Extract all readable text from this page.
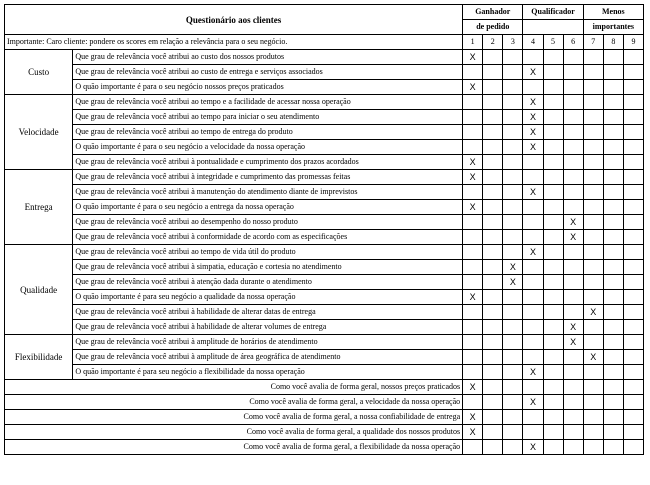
Questionário aos clientes		Ganhador			Qualificador			Menos		
		de pedido						importantes		
Importante: Caro cliente: pondere os scores em relação a relevância para o seu negócio.		1	2	3	4	5	6	7	8	9
Custo	Que grau de relevância você atribui ao custo dos nossos produtos	X								
	Que grau de relevância você atribui ao custo de entrega e serviços associados				X					
	O quão importante é para o seu negócio nossos preços praticados	X								
Velocidade	Que grau de relevância você atribui ao tempo e a facilidade de acessar nossa operação				X					
	Que grau de relevância você atribui ao tempo para iniciar o seu atendimento				X					
	Que grau de relevância você atribui ao tempo de entrega do produto				X					
	O quão importante é para o seu negócio a velocidade da nossa operação				X					
	Que grau de relevância você atribui à pontualidade e cumprimento dos prazos acordados	X								
Entrega	Que grau de relevância você atribui à integridade e cumprimento das promessas feitas	X								
	Que grau de relevância você atribui à manutenção do atendimento diante de imprevistos				X					
	O quão importante é para o seu negócio a entrega da nossa operação	X								
	Que grau de relevância você atribui ao desempenho do nosso produto						X			
	Que grau de relevância você atribui à conformidade de acordo com as especificações						X			
Qualidade	Que grau de relevância você atribui ao tempo de vida útil do produto				X					
	Que grau de relevância você atribui à simpatia, educação e cortesia no atendimento			X						
	Que grau de relevância você atribui à atenção dada durante o atendimento			X						
	O quão importante é para seu negócio a qualidade da nossa operação	X								
	Que grau de relevância você atribui à habilidade de alterar datas de entrega							X		
	Que grau de relevância você atribui à habilidade de alterar volumes de entrega						X			
Flexibilidade	Que grau de relevância você atribui à amplitude de horários de atendimento						X			
	Que grau de relevância você atribui à amplitude de área geográfica de atendimento							X		
	O quão importante é para seu negócio a flexibilidade da nossa operação				X					
Como você avalia de forma geral, nossos preços praticados		X								
Como você avalia de forma geral, a velocidade da nossa operação					X					
Como você avalia de forma geral, a nossa confiabilidade de entrega		X								
Como você avalia de forma geral, a qualidade dos nossos produtos		X								
Como você avalia de forma geral, a flexibilidade da nossa operação					X					
